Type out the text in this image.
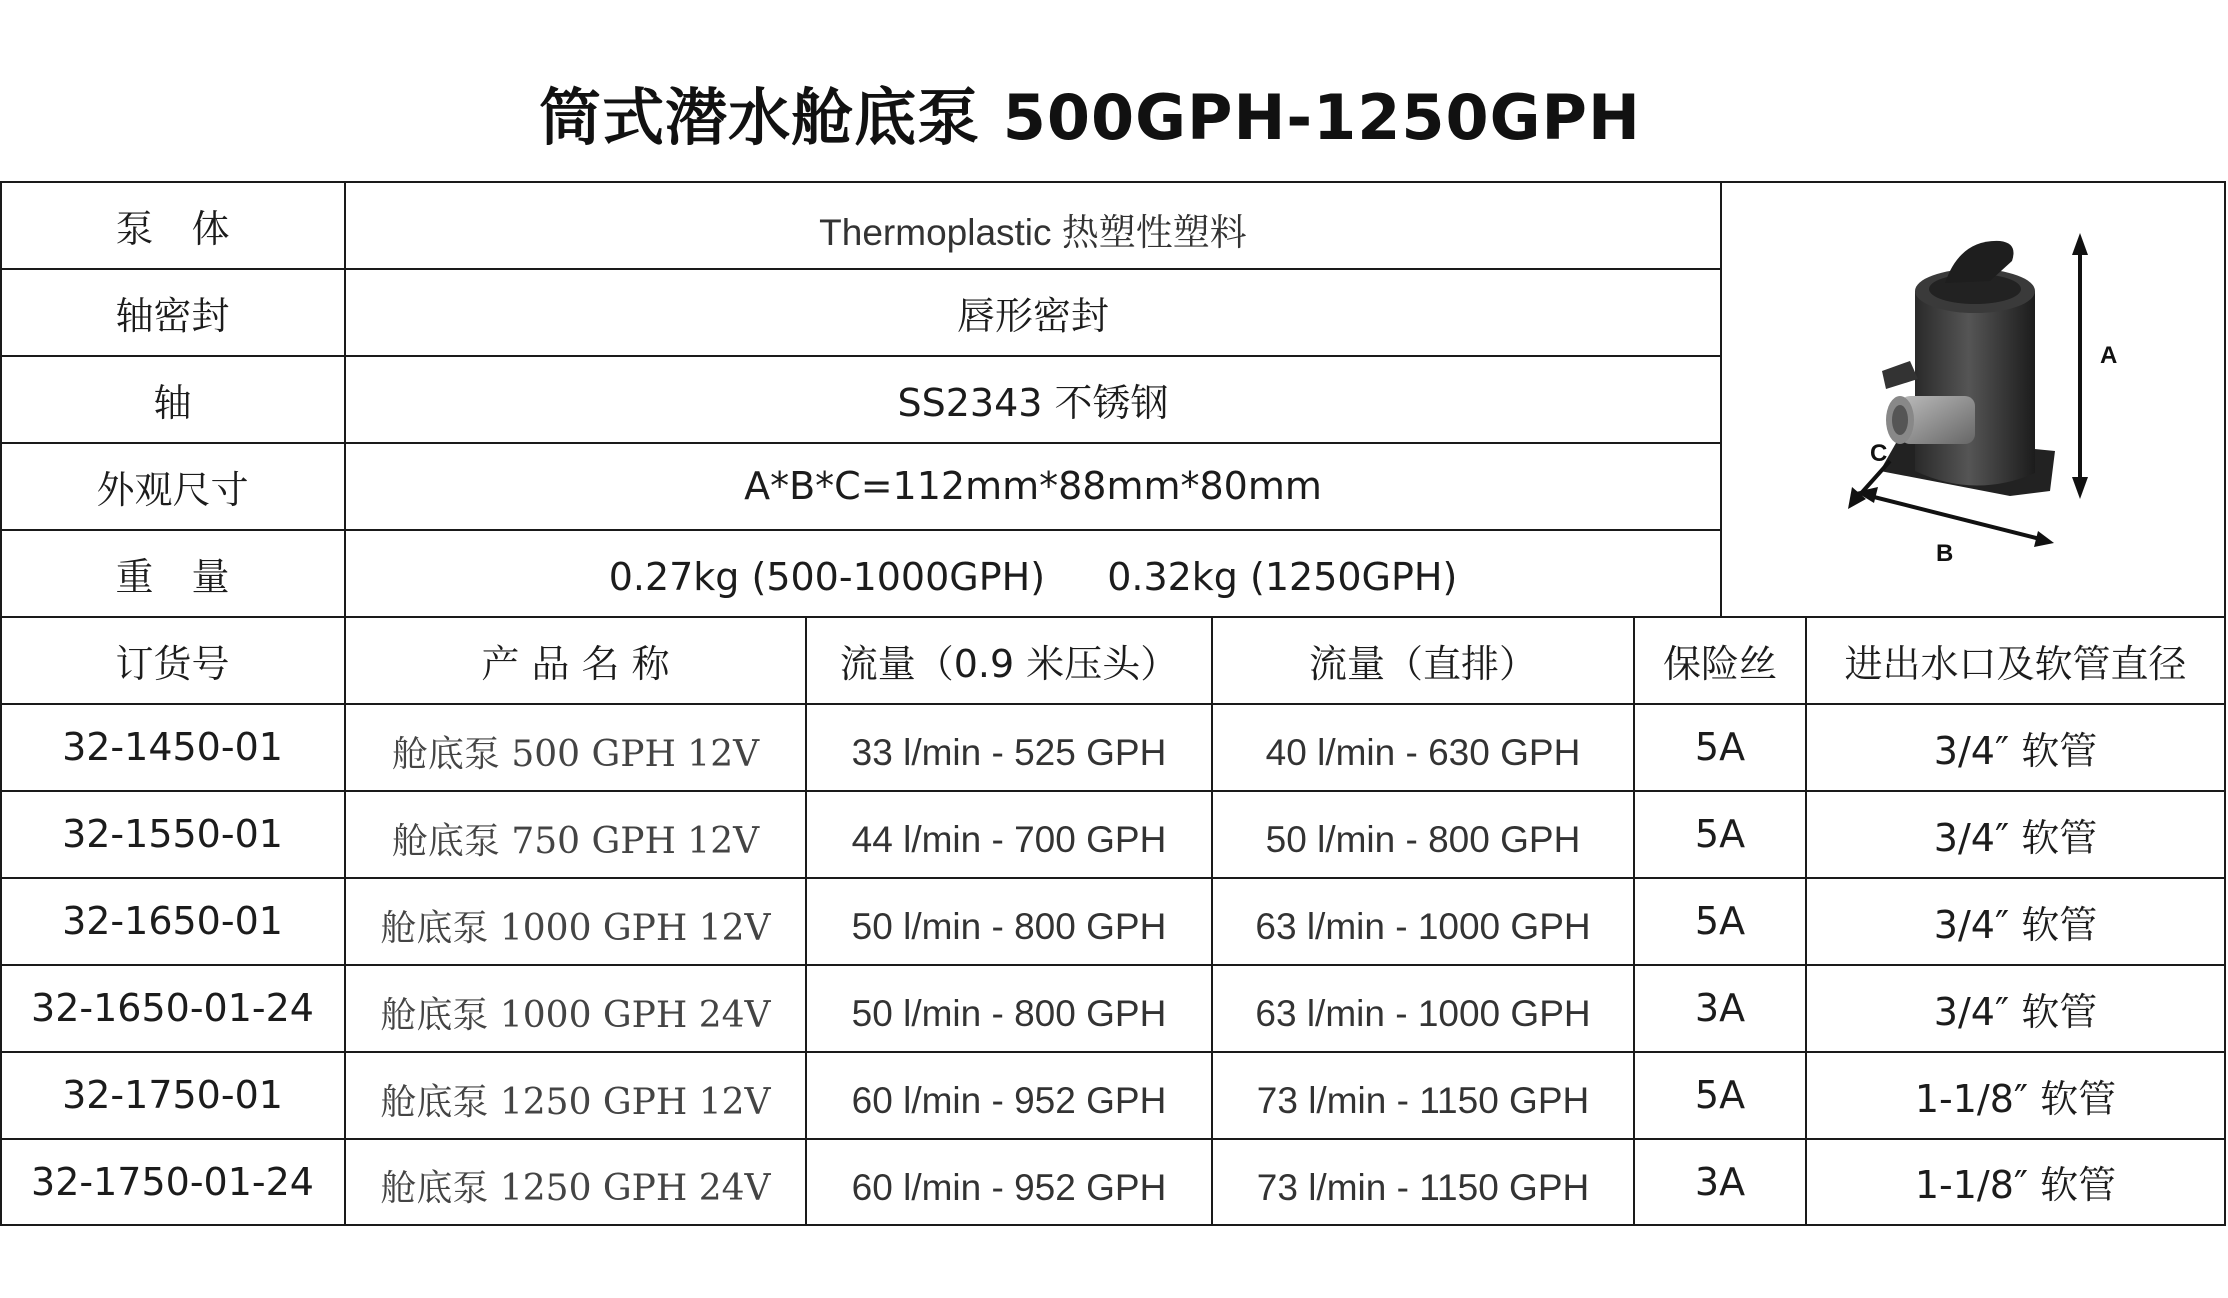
筒式潜水舱底泵 500GPH-1250GPH
泵　体	Thermoplastic 热塑性塑料
轴密封	唇形密封
轴	SS2343 不锈钢
外观尺寸	A*B*C=112mm*88mm*80mm
重　量	0.27kg (500-1000GPH)　  0.32kg (1250GPH)
A
B
C
订货号	产 品 名 称	流量（0.9 米压头）	流量（直排）	保险丝	进出水口及软管直径
32-1450-01	舱底泵 500 GPH 12V	33 l/min - 525 GPH	40 l/min - 630 GPH	5A	3/4″ 软管
32-1550-01	舱底泵 750 GPH 12V	44 l/min - 700 GPH	50 l/min - 800 GPH	5A	3/4″ 软管
32-1650-01	舱底泵 1000 GPH 12V	50 l/min - 800 GPH	63 l/min - 1000 GPH	5A	3/4″ 软管
32-1650-01-24	舱底泵 1000 GPH 24V	50 l/min - 800 GPH	63 l/min - 1000 GPH	3A	3/4″ 软管
32-1750-01	舱底泵 1250 GPH 12V	60 l/min - 952 GPH	73 l/min - 1150 GPH	5A	1-1/8″ 软管
32-1750-01-24	舱底泵 1250 GPH 24V	60 l/min - 952 GPH	73 l/min - 1150 GPH	3A	1-1/8″ 软管
